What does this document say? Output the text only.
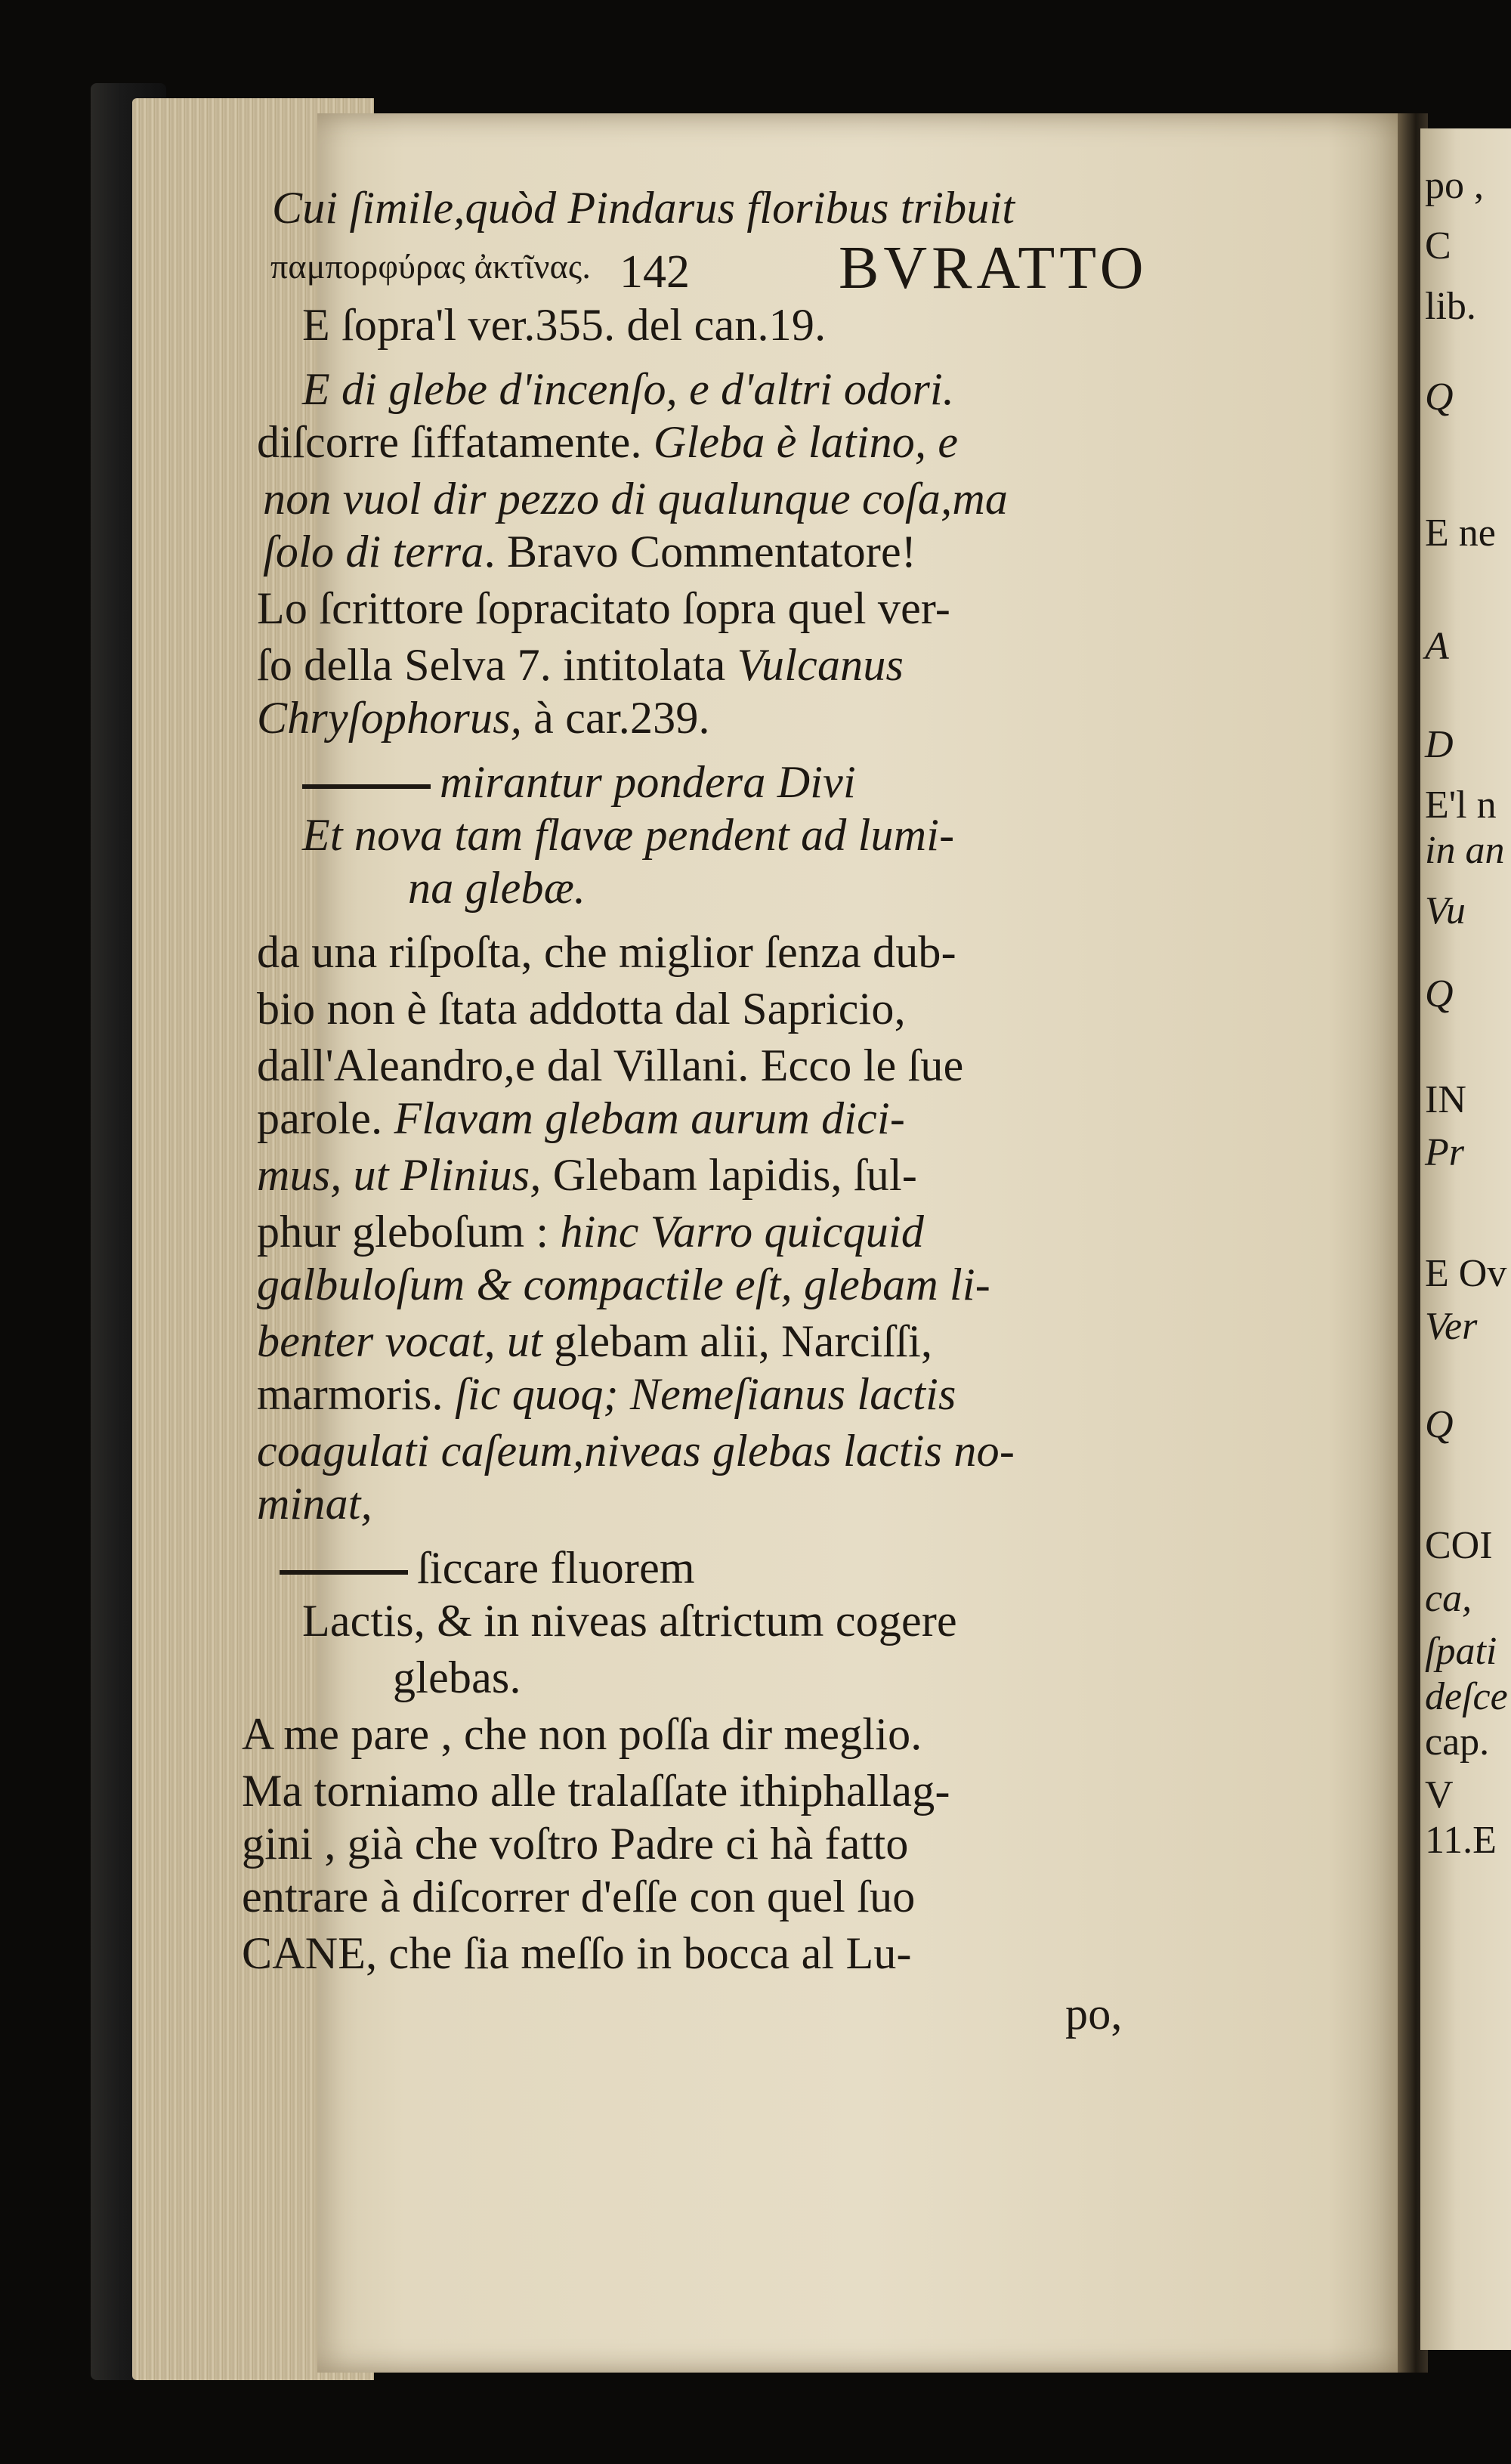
142 BVRATTO
Cui ſimile,quòd Pindarus floribus tribuit
παμπορφύρας ἀκτῖνας.
E ſopra'l ver.355. del can.19.
E di glebe d'incenſo, e d'altri odori.
diſcorre ſiffatamente. Gleba è latino, e
non vuol dir pezzo di qualunque coſa,ma
ſolo di terra. Bravo Commentatore!
Lo ſcrittore ſopracitato ſopra quel ver-
ſo della Selva 7. intitolata Vulcanus
Chryſophorus, à car.239.
mirantur pondera Divi
Et nova tam flavæ pendent ad lumi-
na glebæ.
da una riſpoſta, che miglior ſenza dub-
bio non è ſtata addotta dal Sapricio,
dall'Aleandro,e dal Villani. Ecco le ſue
parole. Flavam glebam aurum dici-
mus, ut Plinius, Glebam lapidis, ſul-
phur gleboſum : hinc Varro quicquid
galbuloſum & compactile eſt, glebam li-
benter vocat, ut glebam alii, Narciſſi,
marmoris. ſic quoq; Nemeſianus lactis
coagulati caſeum,niveas glebas lactis no-
minat,
ſiccare fluorem
Lactis, & in niveas aſtrictum cogere
glebas.
A me pare , che non poſſa dir meglio.
Ma torniamo alle tralaſſate ithiphallag-
gini , già che voſtro Padre ci hà fatto
entrare à diſcorrer d'eſſe con quel ſuo
CANE, che ſia meſſo in bocca al Lu-
po,
po ,
C
lib.
Q
E ne
A
D
E'l n
in an
Vu
Q
IN
Pr
E Ov
Ver
Q
COI
ca,
ſpati
deſce
cap.
V
11.E
